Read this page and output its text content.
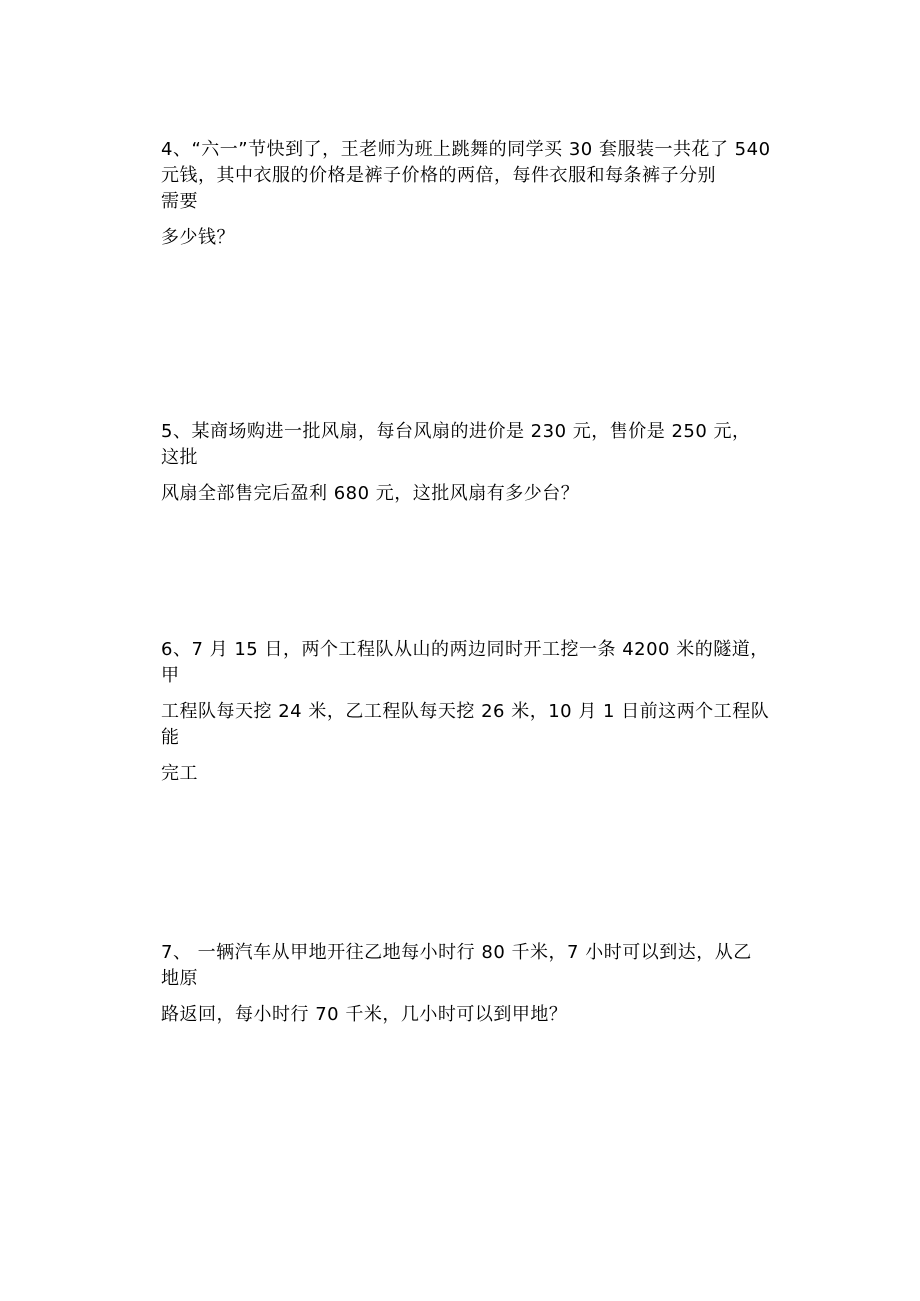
4、“六一”节快到了，王老师为班上跳舞的同学买 30 套服装一共花了 540
元钱，其中衣服的价格是裤子价格的两倍，每件衣服和每条裤子分别
需要
多少钱？
5、某商场购进一批风扇，每台风扇的进价是 230 元，售价是 250 元，
这批
风扇全部售完后盈利 680 元，这批风扇有多少台？
6、7 月 15 日，两个工程队从山的两边同时开工挖一条 4200 米的隧道，
甲
工程队每天挖 24 米，乙工程队每天挖 26 米，10 月 1 日前这两个工程队
能
完工
7、 一辆汽车从甲地开往乙地每小时行 80 千米，7 小时可以到达，从乙
地原
路返回，每小时行 70 千米，几小时可以到甲地？
